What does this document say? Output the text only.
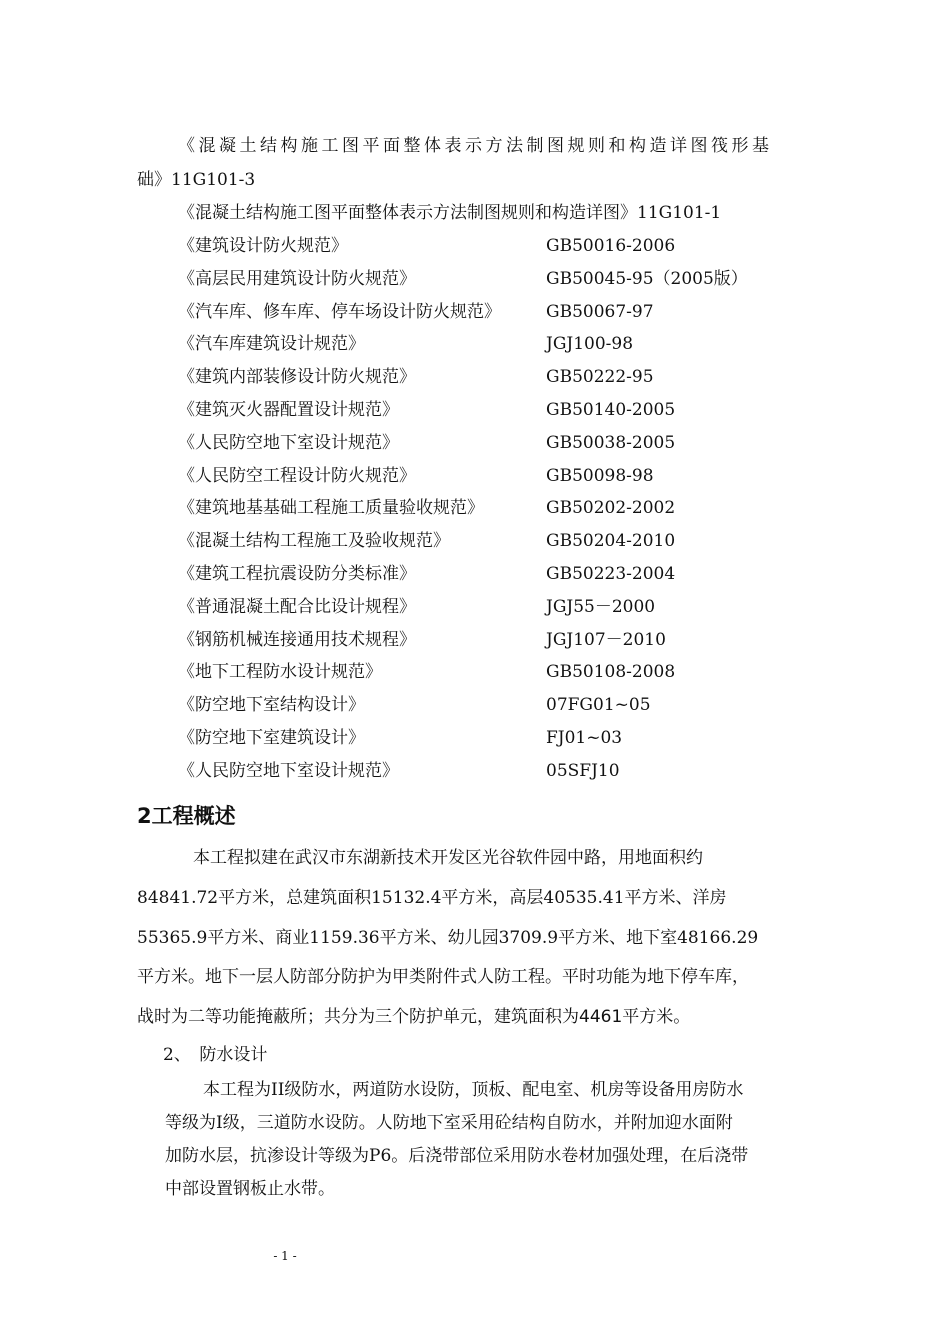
《混凝土结构施工图平面整体表示方法制图规则和构造详图筏形基
础》11G101-3
《混凝土结构施工图平面整体表示方法制图规则和构造详图》11G101-1
《建筑设计防火规范》	GB50016-2006
《高层民用建筑设计防火规范》	GB50045-95（2005版）
《汽车库、修车库、停车场设计防火规范》	GB50067-97
《汽车库建筑设计规范》	JGJ100-98
《建筑内部装修设计防火规范》	GB50222-95
《建筑灭火器配置设计规范》	GB50140-2005
《人民防空地下室设计规范》	GB50038-2005
《人民防空工程设计防火规范》	GB50098-98
《建筑地基基础工程施工质量验收规范》	GB50202-2002
《混凝土结构工程施工及验收规范》	GB50204-2010
《建筑工程抗震设防分类标准》	GB50223-2004
《普通混凝土配合比设计规程》	JGJ55－2000
《钢筋机械连接通用技术规程》	JGJ107－2010
《地下工程防水设计规范》	GB50108-2008
《防空地下室结构设计》	07FG01~05
《防空地下室建筑设计》	FJ01~03
《人民防空地下室设计规范》	05SFJ10
2工程概述
本工程拟建在武汉市东湖新技术开发区光谷软件园中路，用地面积约
84841.72平方米，总建筑面积15132.4平方米，高层40535.41平方米、洋房
55365.9平方米、商业1159.36平方米、幼儿园3709.9平方米、地下室48166.29
平方米。地下一层人防部分防护为甲类附件式人防工程。平时功能为地下停车库，
战时为二等功能掩蔽所；共分为三个防护单元，建筑面积为4461平方米。
2、　防水设计
本工程为II级防水，两道防水设防，顶板、配电室、机房等设备用房防水
等级为I级，三道防水设防。人防地下室采用砼结构自防水，并附加迎水面附
加防水层，抗渗设计等级为P6。后浇带部位采用防水卷材加强处理，在后浇带
中部设置钢板止水带。
- 1 -
